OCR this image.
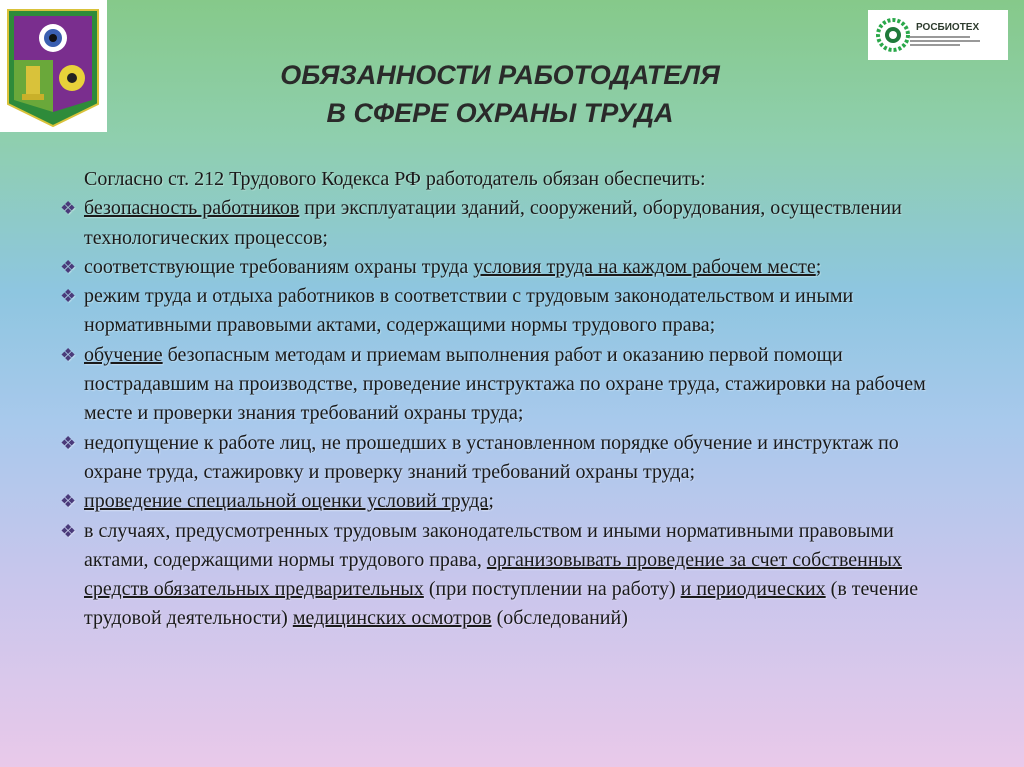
РОСБИОТЕХ
ОБЯЗАННОСТИ РАБОТОДАТЕЛЯ
В СФЕРЕ ОХРАНЫ ТРУДА
Согласно ст. 212 Трудового Кодекса РФ работодатель обязан обеспечить:
❖ безопасность работников при эксплуатации зданий, сооружений, оборудования, осуществлении технологических процессов;
❖ соответствующие требованиям охраны труда условия труда на каждом рабочем месте;
❖ режим труда и отдыха работников в соответствии с трудовым законодательством и иными нормативными правовыми актами, содержащими нормы трудового права;
❖ обучение безопасным методам и приемам выполнения работ и оказанию первой помощи пострадавшим на производстве, проведение инструктажа по охране труда, стажировки на рабочем месте и проверки знания требований охраны труда;
❖ недопущение к работе лиц, не прошедших в установленном порядке обучение и инструктаж по охране труда, стажировку и проверку знаний требований охраны труда;
❖ проведение специальной оценки условий труда;
❖ в случаях, предусмотренных трудовым законодательством и иными нормативными правовыми актами, содержащими нормы трудового права, организовывать проведение за счет собственных средств обязательных предварительных (при поступлении на работу) и периодических (в течение трудовой деятельности) медицинских осмотров (обследований)
